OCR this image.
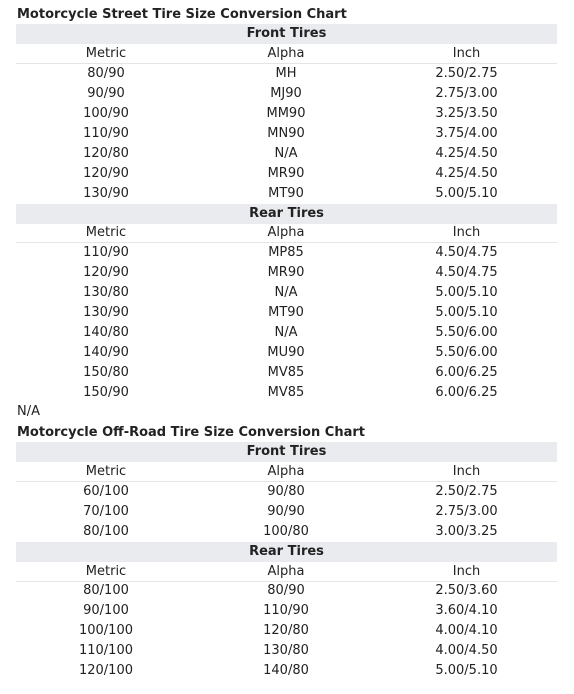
Motorcycle Street Tire Size Conversion Chart
Front Tires
Metric	Alpha	Inch
80/90	MH	2.50/2.75
90/90	MJ90	2.75/3.00
100/90	MM90	3.25/3.50
110/90	MN90	3.75/4.00
120/80	N/A	4.25/4.50
120/90	MR90	4.25/4.50
130/90	MT90	5.00/5.10
Rear Tires
Metric	Alpha	Inch
110/90	MP85	4.50/4.75
120/90	MR90	4.50/4.75
130/80	N/A	5.00/5.10
130/90	MT90	5.00/5.10
140/80	N/A	5.50/6.00
140/90	MU90	5.50/6.00
150/80	MV85	6.00/6.25
150/90	MV85	6.00/6.25
N/A
Motorcycle Off-Road Tire Size Conversion Chart
Front Tires
Metric	Alpha	Inch
60/100	90/80	2.50/2.75
70/100	90/90	2.75/3.00
80/100	100/80	3.00/3.25
Rear Tires
Metric	Alpha	Inch
80/100	80/90	2.50/3.60
90/100	110/90	3.60/4.10
100/100	120/80	4.00/4.10
110/100	130/80	4.00/4.50
120/100	140/80	5.00/5.10
